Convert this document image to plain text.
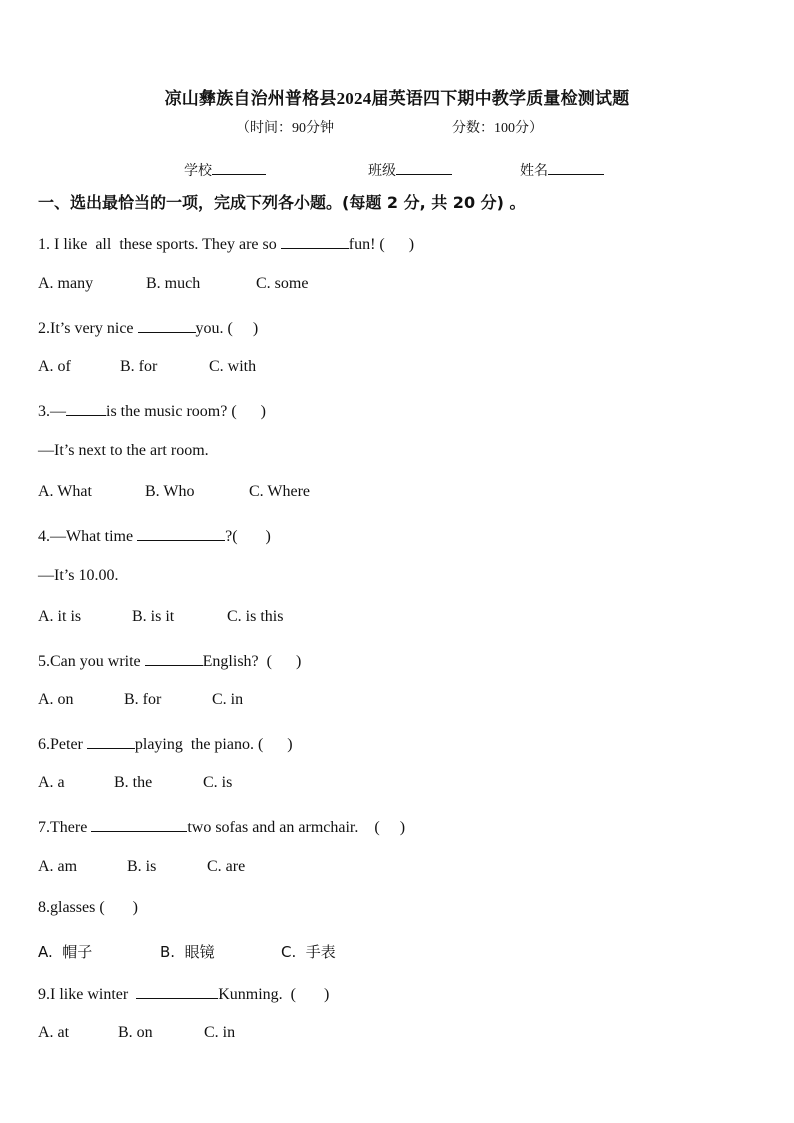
凉山彝族自治州普格县2024届英语四下期中教学质量检测试题
（时间：90分钟	分数：100分）
学校	班级	姓名
一、选出最恰当的一项，完成下列各小题。(每题 2 分, 共 20 分) 。
1. I like  all  these sports. They are so	fun! (      )
A. many	B. much	C. some
2.It’s very nice	you. (     )
A. of	B. for	C. with
3.—	is the music room? (      )
—It’s next to the art room.
A. What	B. Who	C. Where
4.—What time	?(       )
—It’s 10.00.
A. it is	B. is it	C. is this
5.Can you write	English?  (      )
A. on	B. for	C. in
6.Peter	playing  the piano. (      )
A. a	B. the	C. is
7.There	two sofas and an armchair.    (     )
A. am	B. is	C. are
8.glasses (       )
A.  帽子	B.  眼镜	C.  手表
9.I like winter	Kunming.  (       )
A. at	B. on	C. in
